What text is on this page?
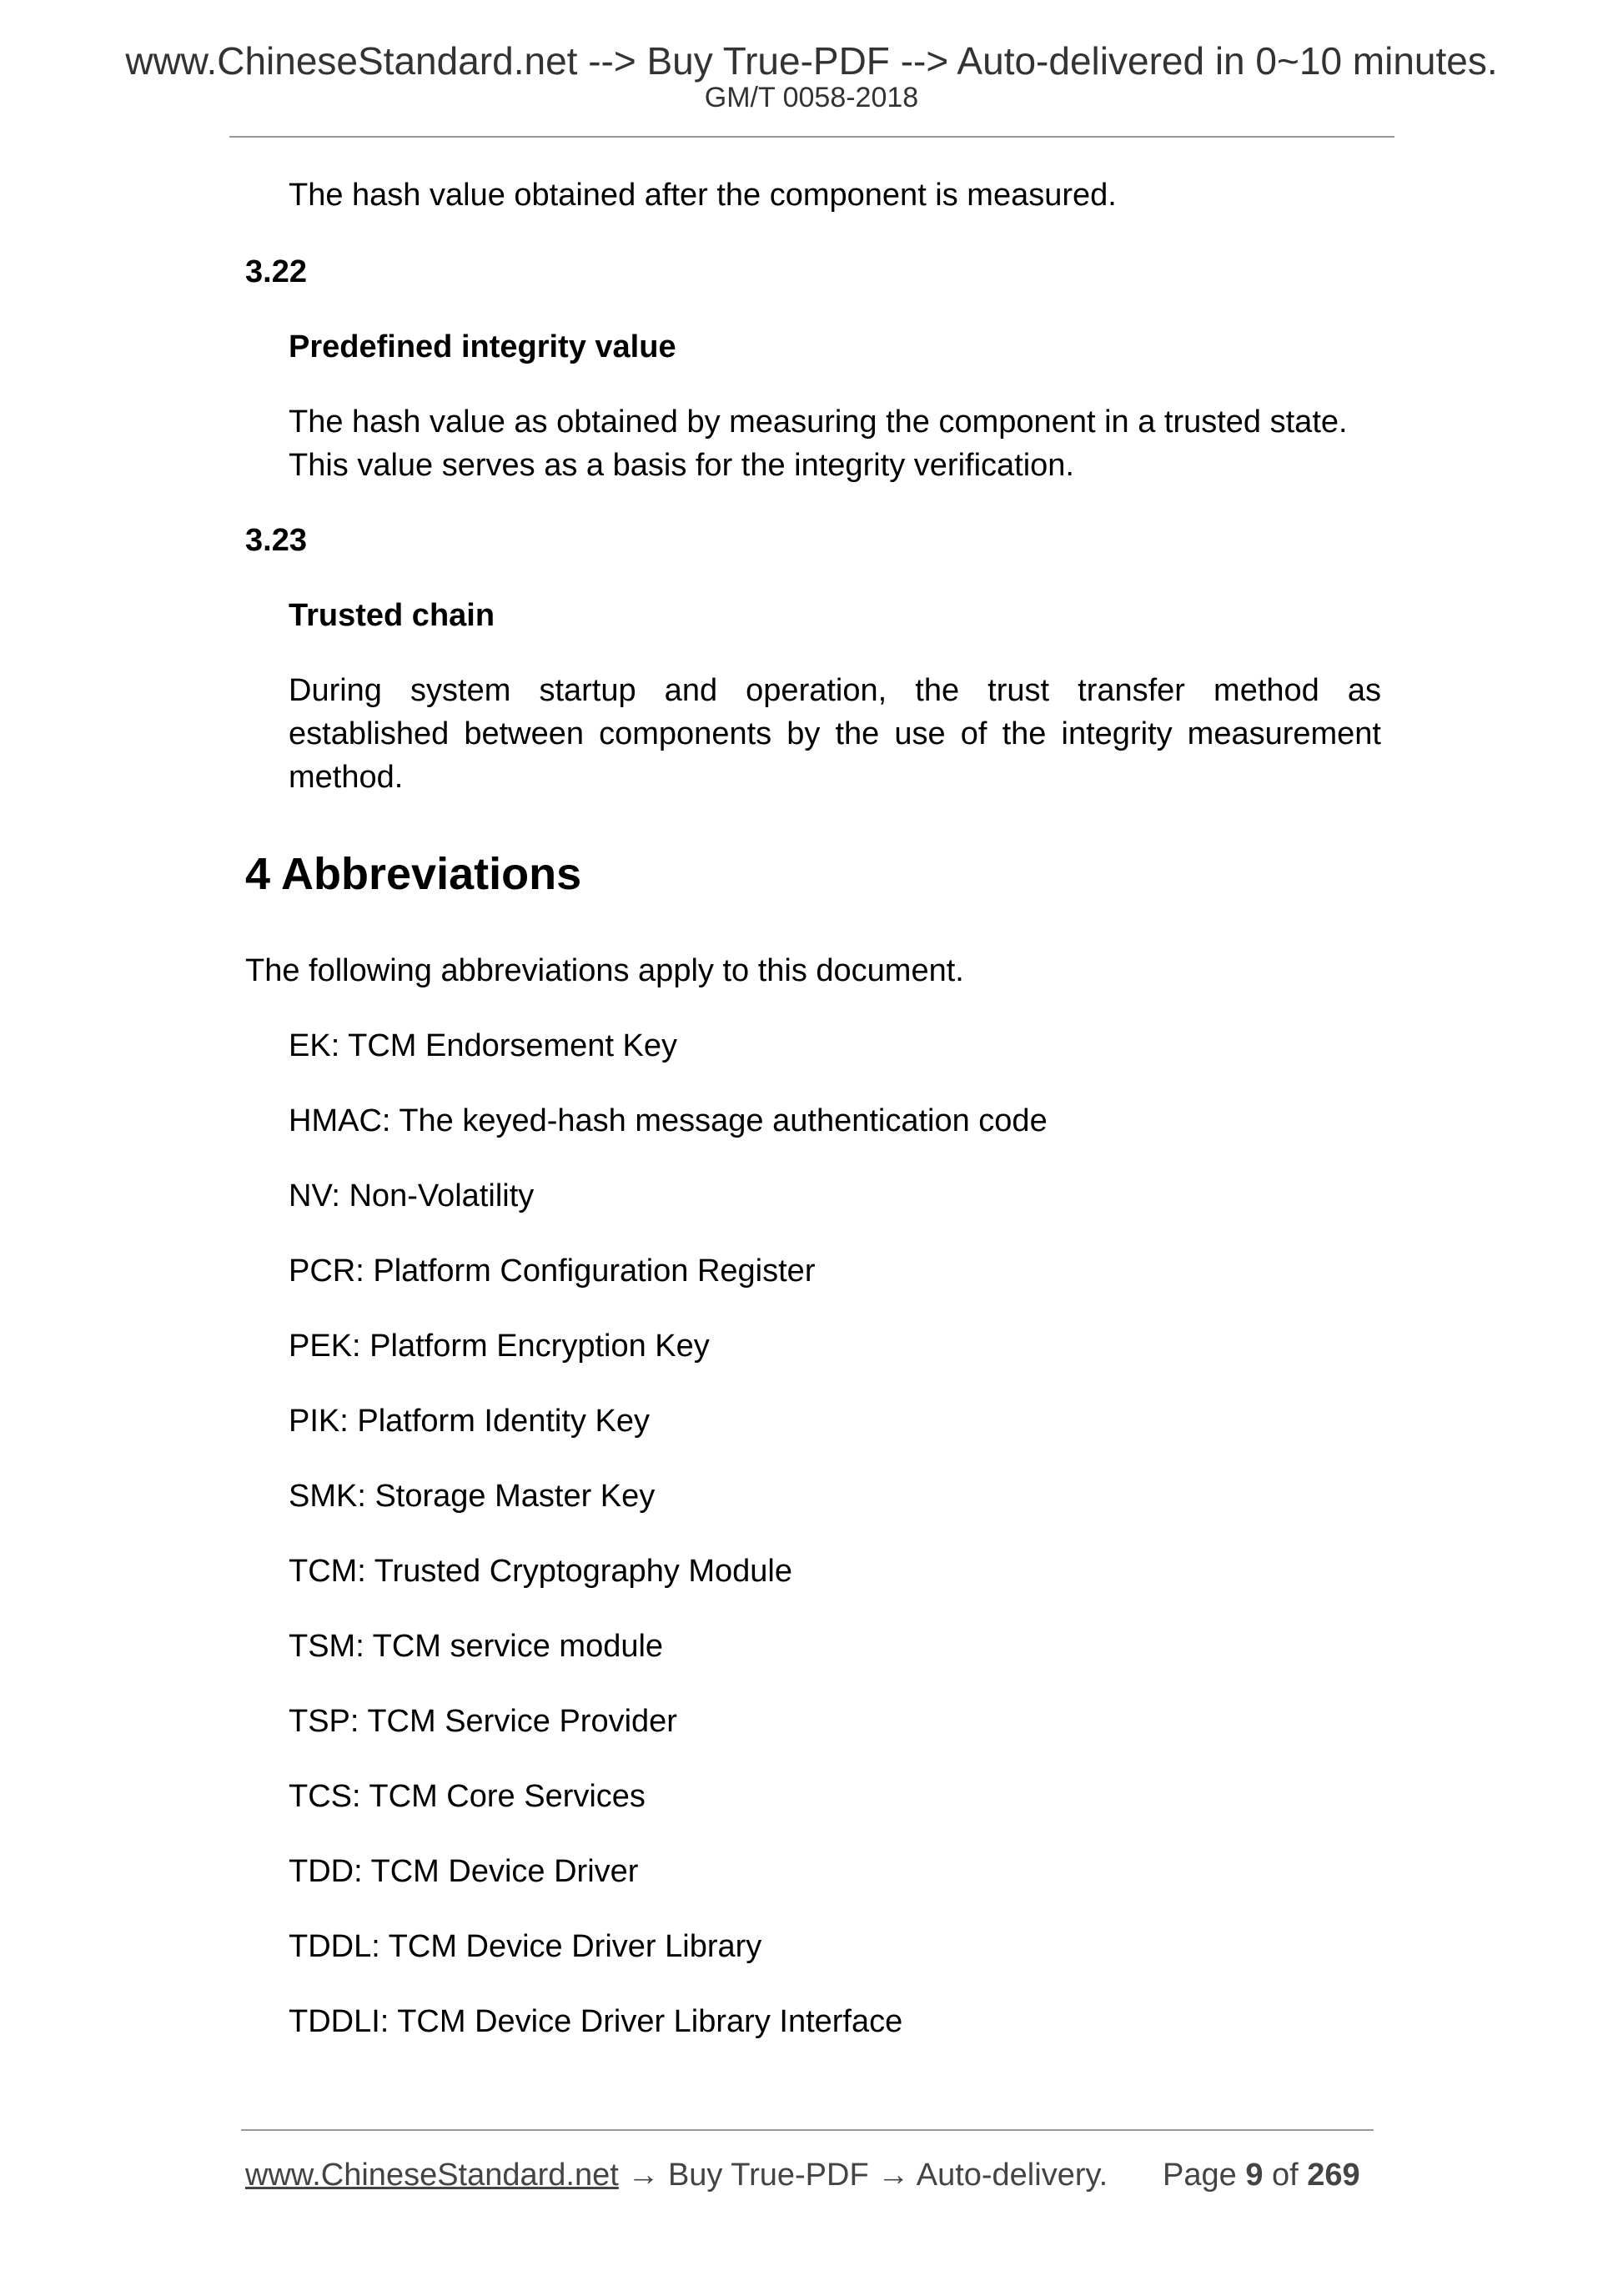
www.ChineseStandard.net --> Buy True-PDF --> Auto-delivered in 0~10 minutes.
GM/T 0058-2018
The hash value obtained after the component is measured.
3.22
Predefined integrity value
The hash value as obtained by measuring the component in a trusted state.
This value serves as a basis for the integrity verification.
3.23
Trusted chain
During system startup and operation, the trust transfer method as
established between components by the use of the integrity measurement
method.
4 Abbreviations
The following abbreviations apply to this document.
EK: TCM Endorsement Key
HMAC: The keyed-hash message authentication code
NV: Non-Volatility
PCR: Platform Configuration Register
PEK: Platform Encryption Key
PIK: Platform Identity Key
SMK: Storage Master Key
TCM: Trusted Cryptography Module
TSM: TCM service module
TSP: TCM Service Provider
TCS: TCM Core Services
TDD: TCM Device Driver
TDDL: TCM Device Driver Library
TDDLI: TCM Device Driver Library Interface
www.ChineseStandard.net → Buy True-PDF → Auto-delivery. Page 9 of 269
